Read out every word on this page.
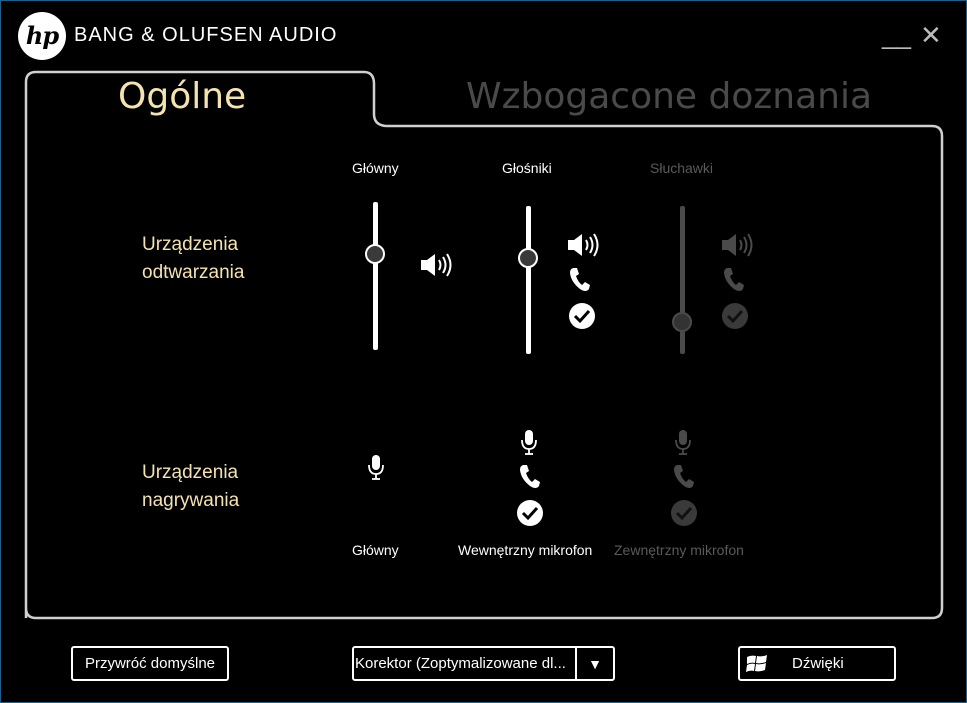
hp BANG & OLUFSEN AUDIO	__ ✕
Ogólne	Wzbogacone doznania
Urządzenia
odtwarzania
Główny	Głośniki	Słuchawki
Urządzenia
nagrywania
Główny	Wewnętrzny mikrofon Zewnętrzny mikrofon
Przywróć domyślne	Korektor (Zoptymalizowane dl...	▼	Dźwięki
